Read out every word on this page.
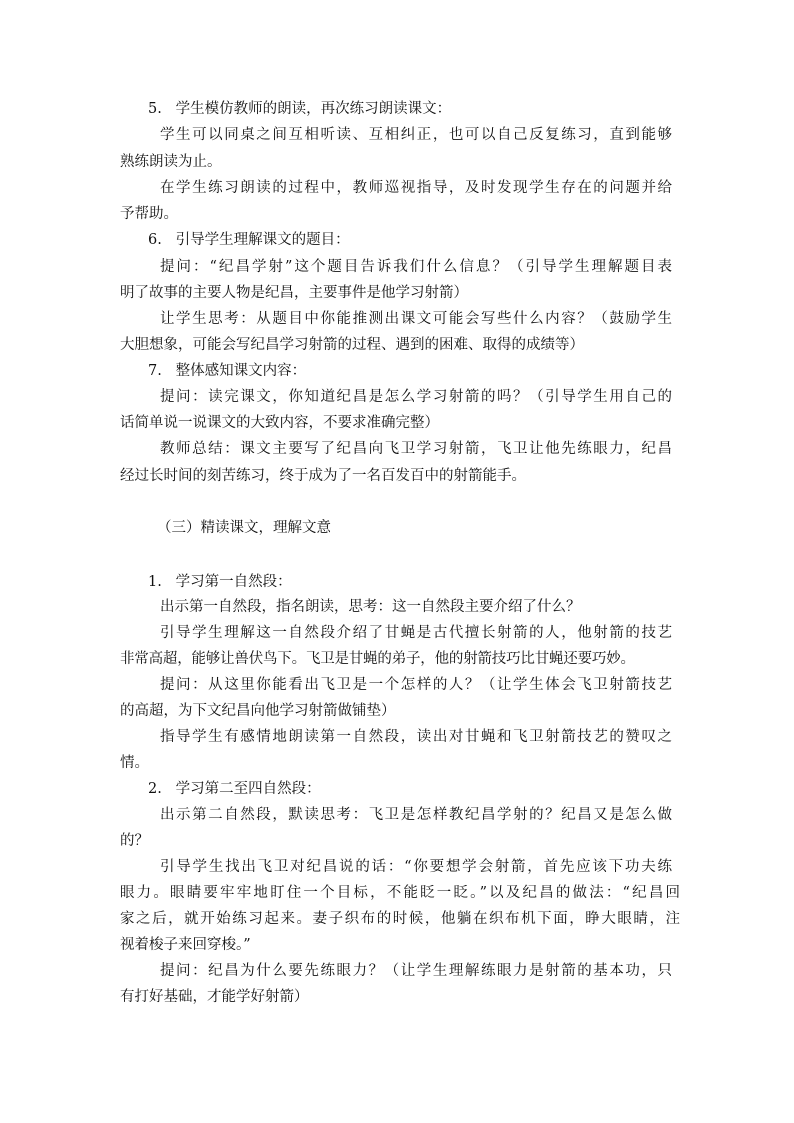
5. 学生模仿教师的朗读，再次练习朗读课文：
学生可以同桌之间互相听读、互相纠正，也可以自己反复练习，直到能够
熟练朗读为止。
在学生练习朗读的过程中，教师巡视指导，及时发现学生存在的问题并给
予帮助。
6. 引导学生理解课文的题目：
提问：“纪昌学射”这个题目告诉我们什么信息？（引导学生理解题目表
明了故事的主要人物是纪昌，主要事件是他学习射箭）
让学生思考：从题目中你能推测出课文可能会写些什么内容？（鼓励学生
大胆想象，可能会写纪昌学习射箭的过程、遇到的困难、取得的成绩等）
7. 整体感知课文内容：
提问：读完课文，你知道纪昌是怎么学习射箭的吗？（引导学生用自己的
话简单说一说课文的大致内容，不要求准确完整）
教师总结：课文主要写了纪昌向飞卫学习射箭，飞卫让他先练眼力，纪昌
经过长时间的刻苦练习，终于成为了一名百发百中的射箭能手。
（三）精读课文，理解文意
1. 学习第一自然段：
出示第一自然段，指名朗读，思考：这一自然段主要介绍了什么？
引导学生理解这一自然段介绍了甘蝇是古代擅长射箭的人，他射箭的技艺
非常高超，能够让兽伏鸟下。飞卫是甘蝇的弟子，他的射箭技巧比甘蝇还要巧妙。
提问：从这里你能看出飞卫是一个怎样的人？（让学生体会飞卫射箭技艺
的高超，为下文纪昌向他学习射箭做铺垫）
指导学生有感情地朗读第一自然段，读出对甘蝇和飞卫射箭技艺的赞叹之
情。
2. 学习第二至四自然段：
出示第二自然段，默读思考：飞卫是怎样教纪昌学射的？纪昌又是怎么做
的？
引导学生找出飞卫对纪昌说的话：“你要想学会射箭，首先应该下功夫练
眼力。眼睛要牢牢地盯住一个目标，不能眨一眨。”以及纪昌的做法：“纪昌回
家之后，就开始练习起来。妻子织布的时候，他躺在织布机下面，睁大眼睛，注
视着梭子来回穿梭。”
提问：纪昌为什么要先练眼力？（让学生理解练眼力是射箭的基本功，只
有打好基础，才能学好射箭）
